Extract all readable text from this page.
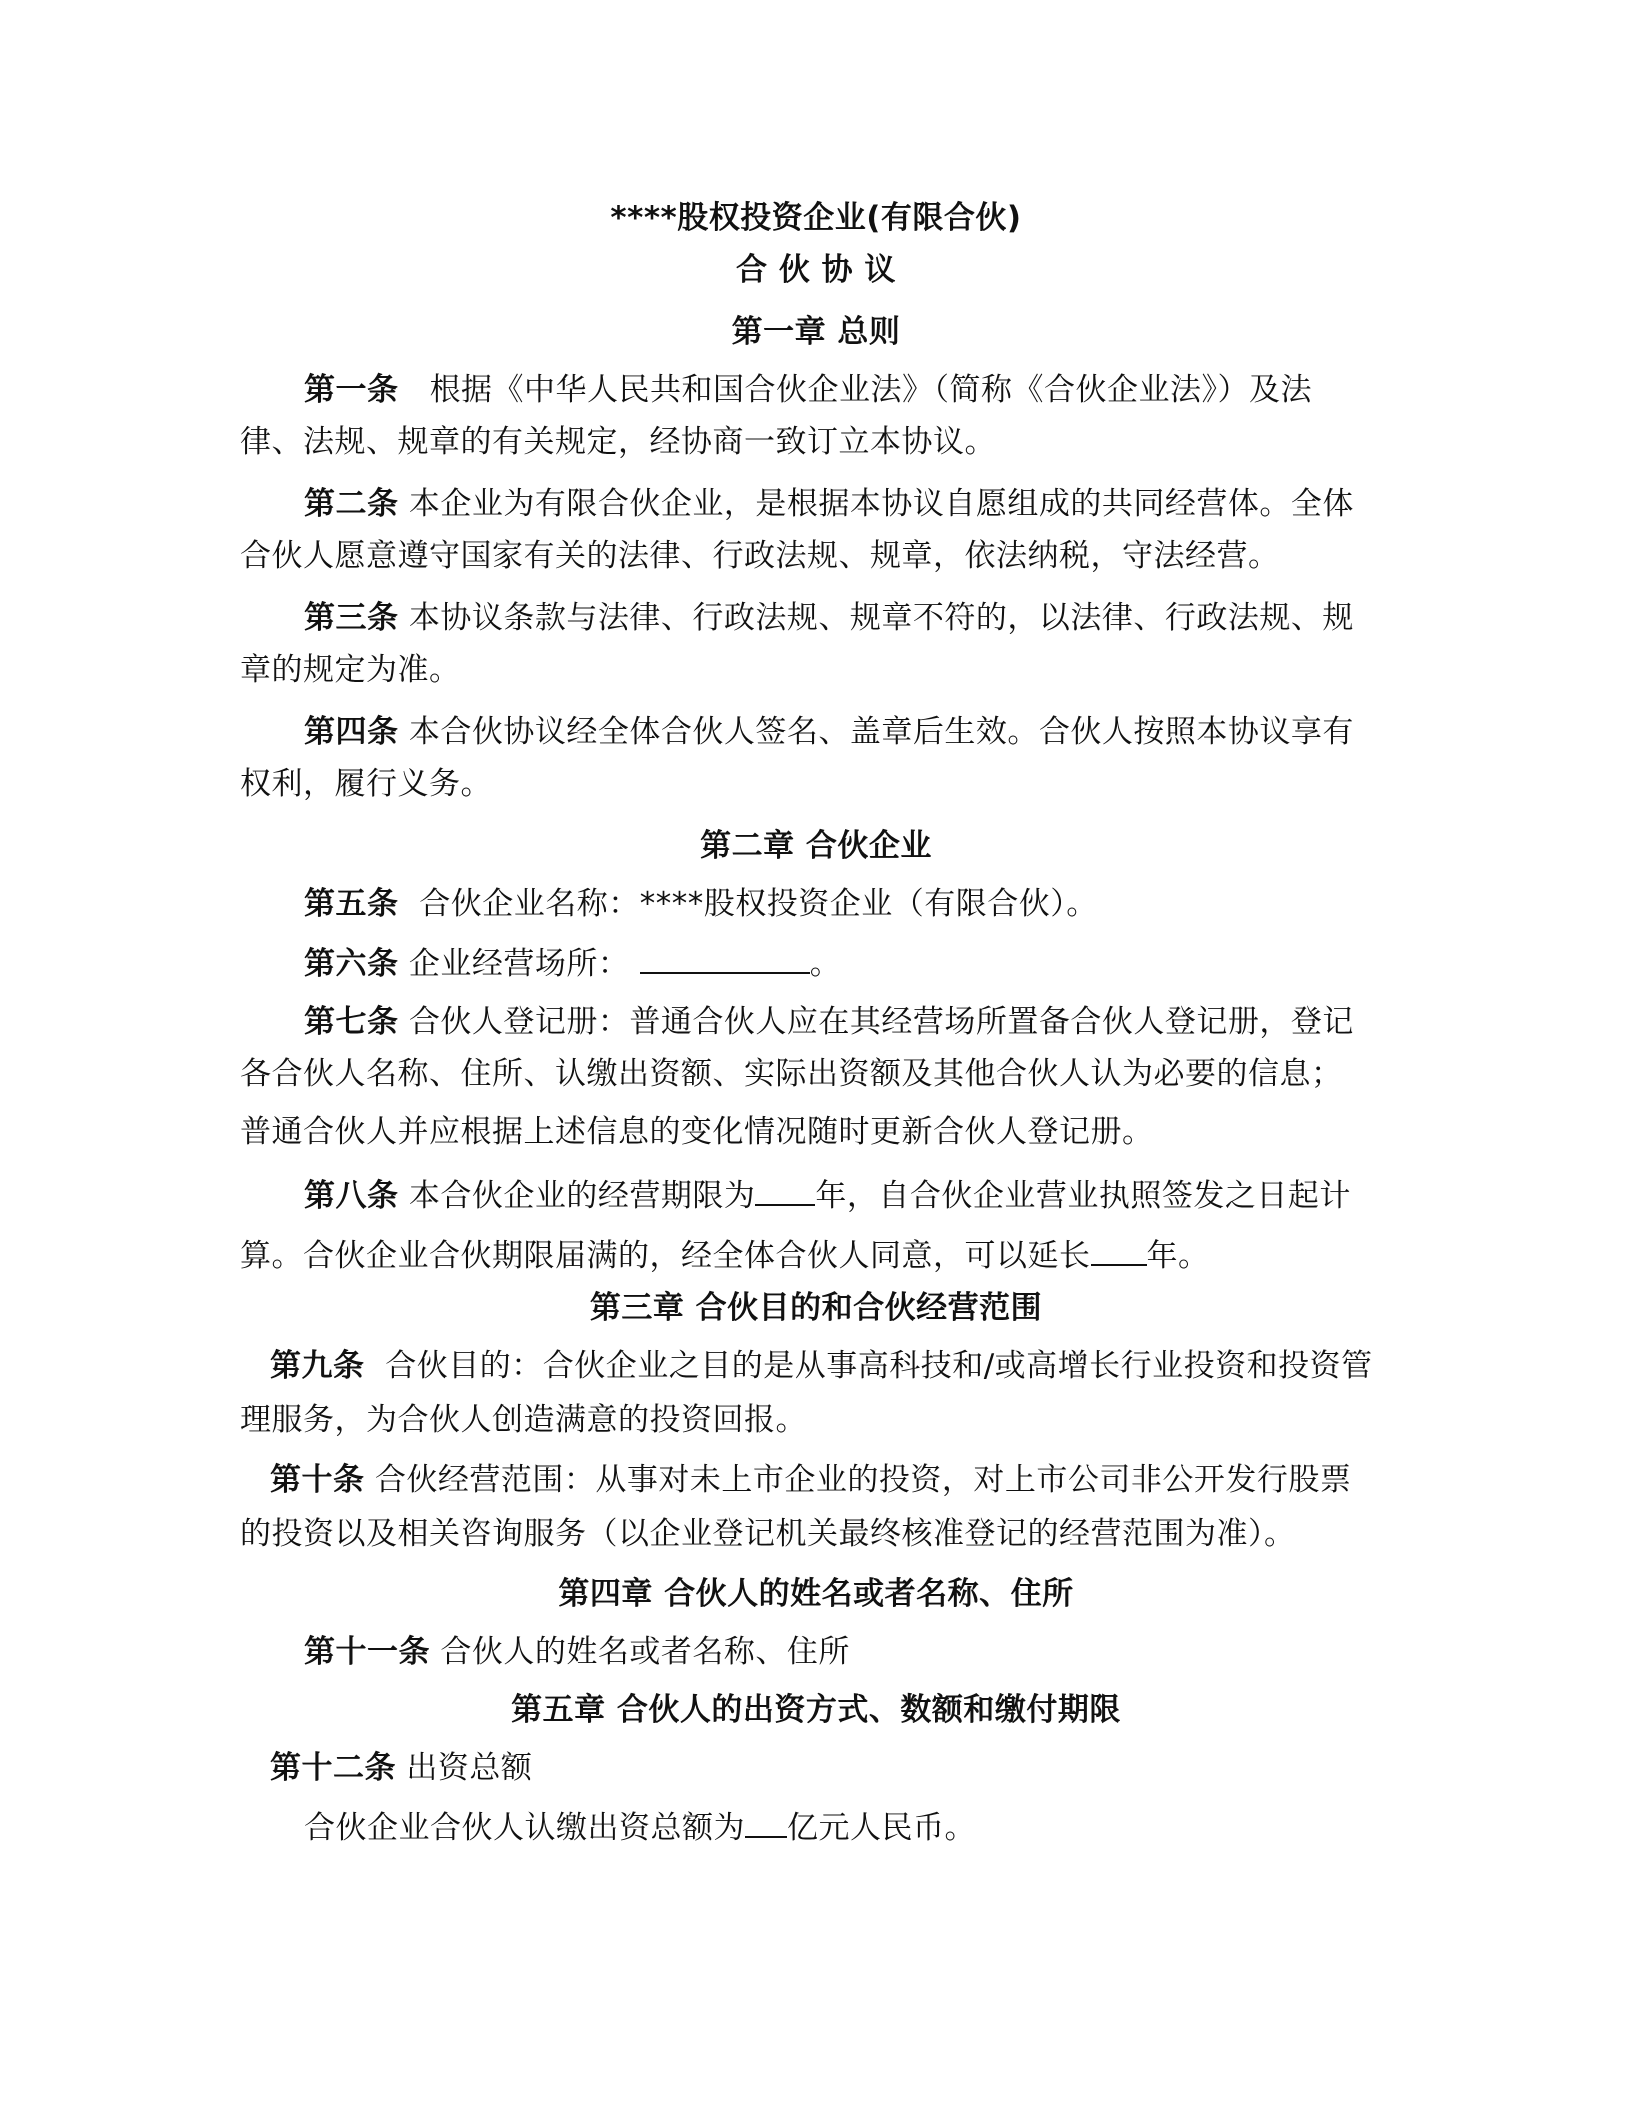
****股权投资企业(有限合伙)
合 伙 协 议
第一章 总则
第一条 根据《中华人民共和国合伙企业法》（简称《合伙企业法》）及法
律、法规、规章的有关规定，经协商一致订立本协议。
第二条 本企业为有限合伙企业，是根据本协议自愿组成的共同经营体。全体
合伙人愿意遵守国家有关的法律、行政法规、规章，依法纳税，守法经营。
第三条 本协议条款与法律、行政法规、规章不符的，以法律、行政法规、规
章的规定为准。
第四条 本合伙协议经全体合伙人签名、盖章后生效。合伙人按照本协议享有
权利，履行义务。
第二章 合伙企业
第五条 合伙企业名称：****股权投资企业（有限合伙）。
第六条 企业经营场所：	。
第七条 合伙人登记册：普通合伙人应在其经营场所置备合伙人登记册，登记
各合伙人名称、住所、认缴出资额、实际出资额及其他合伙人认为必要的信息；
普通合伙人并应根据上述信息的变化情况随时更新合伙人登记册。
第八条 本合伙企业的经营期限为 年，自合伙企业营业执照签发之日起计
算。合伙企业合伙期限届满的，经全体合伙人同意，可以延长 年。
第三章 合伙目的和合伙经营范围
第九条 合伙目的：合伙企业之目的是从事高科技和/或高增长行业投资和投资管
理服务，为合伙人创造满意的投资回报。
第十条 合伙经营范围：从事对未上市企业的投资，对上市公司非公开发行股票
的投资以及相关咨询服务（以企业登记机关最终核准登记的经营范围为准）。
第四章 合伙人的姓名或者名称、住所
第十一条 合伙人的姓名或者名称、住所
第五章 合伙人的出资方式、数额和缴付期限
第十二条 出资总额
合伙企业合伙人认缴出资总额为 亿元人民币。
